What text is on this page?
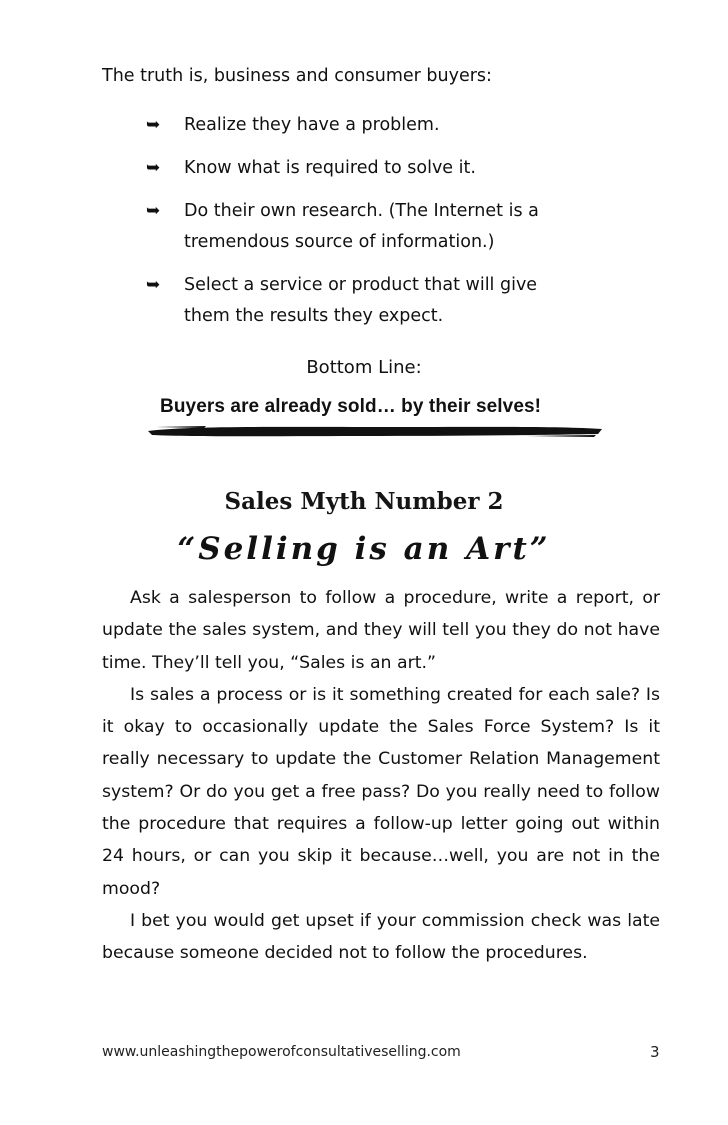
The truth is, business and consumer buyers:

➥	Realize they have a problem.
➥	Know what is required to solve it.
➥	Do their own research. (The Internet is a tremendous source of information.)
➥	Select a service or product that will give them the results they expect.

Bottom Line:

Buyers are already sold… by their selves!

Sales Myth Number 2
“Selling is an Art”

Ask a salesperson to follow a procedure, write a report, or update the sales system, and they will tell you they do not have time. They’ll tell you, “Sales is an art.”

Is sales a process or is it something created for each sale? Is it okay to occasionally update the Sales Force System? Is it really necessary to update the Customer Relation Management system? Or do you get a free pass? Do you really need to follow the procedure that requires a follow-up letter going out within 24 hours, or can you skip it because…well, you are not in the mood?

I bet you would get upset if your commission check was late because someone decided not to follow the procedures.

www.unleashingthepowerofconsultativeselling.com	3
